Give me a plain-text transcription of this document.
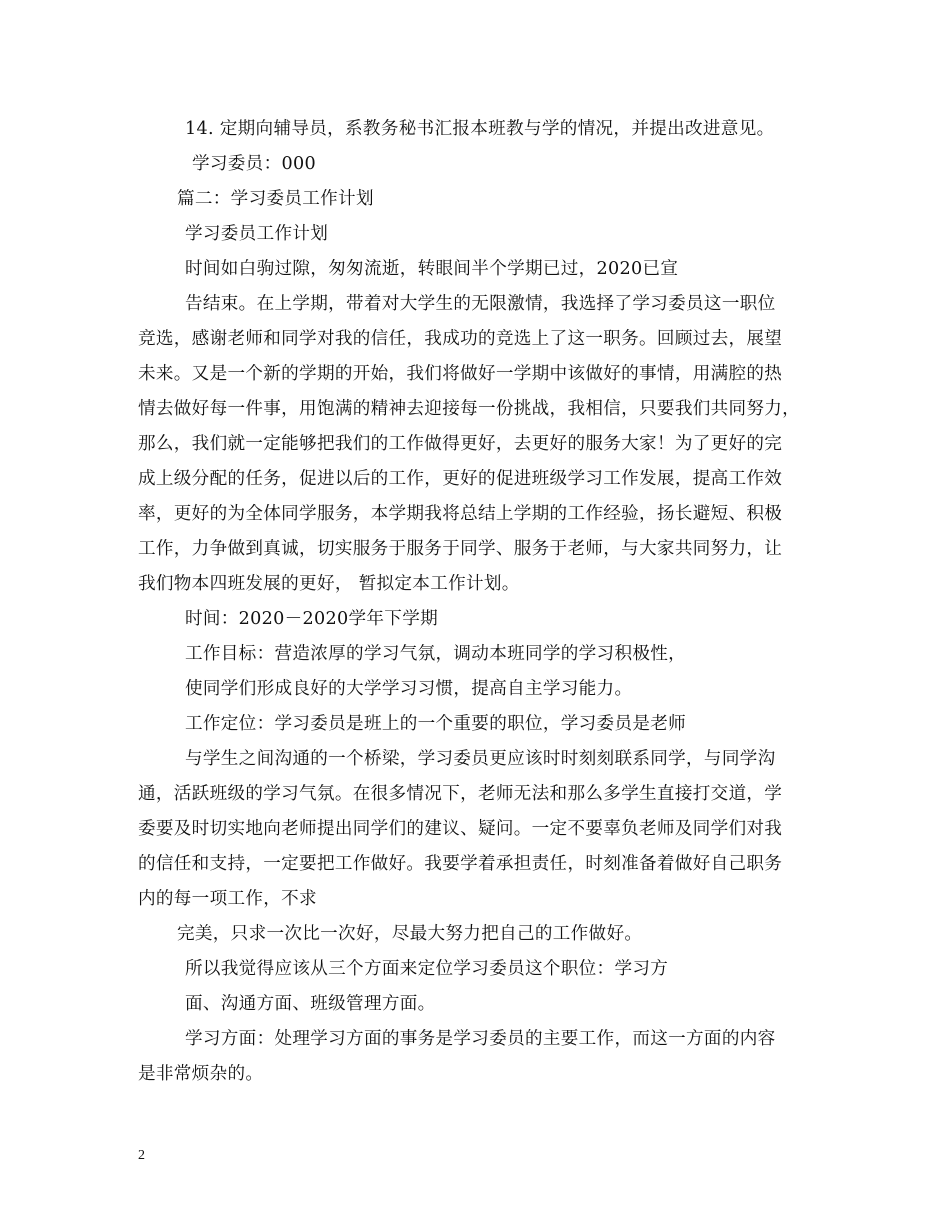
14. 定期向辅导员，系教务秘书汇报本班教与学的情况，并提出改进意见。
学习委员：000
篇二：学习委员工作计划
学习委员工作计划
时间如白驹过隙，匆匆流逝，转眼间半个学期已过，2020已宣
告结束。在上学期，带着对大学生的无限激情，我选择了学习委员这一职位
竞选，感谢老师和同学对我的信任，我成功的竞选上了这一职务。回顾过去，展望
未来。又是一个新的学期的开始，我们将做好一学期中该做好的事情，用满腔的热
情去做好每一件事，用饱满的精神去迎接每一份挑战，我相信，只要我们共同努力，
那么，我们就一定能够把我们的工作做得更好，去更好的服务大家！为了更好的完
成上级分配的任务，促进以后的工作，更好的促进班级学习工作发展，提高工作效
率，更好的为全体同学服务，本学期我将总结上学期的工作经验，扬长避短、积极
工作，力争做到真诚，切实服务于服务于同学、服务于老师，与大家共同努力，让
我们物本四班发展的更好， 暂拟定本工作计划。
时间：2020－2020学年下学期
工作目标：营造浓厚的学习气氛，调动本班同学的学习积极性，
使同学们形成良好的大学学习习惯，提高自主学习能力。
工作定位：学习委员是班上的一个重要的职位，学习委员是老师
与学生之间沟通的一个桥梁，学习委员更应该时时刻刻联系同学，与同学沟
通，活跃班级的学习气氛。在很多情况下，老师无法和那么多学生直接打交道，学
委要及时切实地向老师提出同学们的建议、疑问。一定不要辜负老师及同学们对我
的信任和支持，一定要把工作做好。我要学着承担责任，时刻准备着做好自己职务
内的每一项工作，不求
完美，只求一次比一次好，尽最大努力把自己的工作做好。
所以我觉得应该从三个方面来定位学习委员这个职位：学习方
面、沟通方面、班级管理方面。
学习方面：处理学习方面的事务是学习委员的主要工作，而这一方面的内容
是非常烦杂的。
2
